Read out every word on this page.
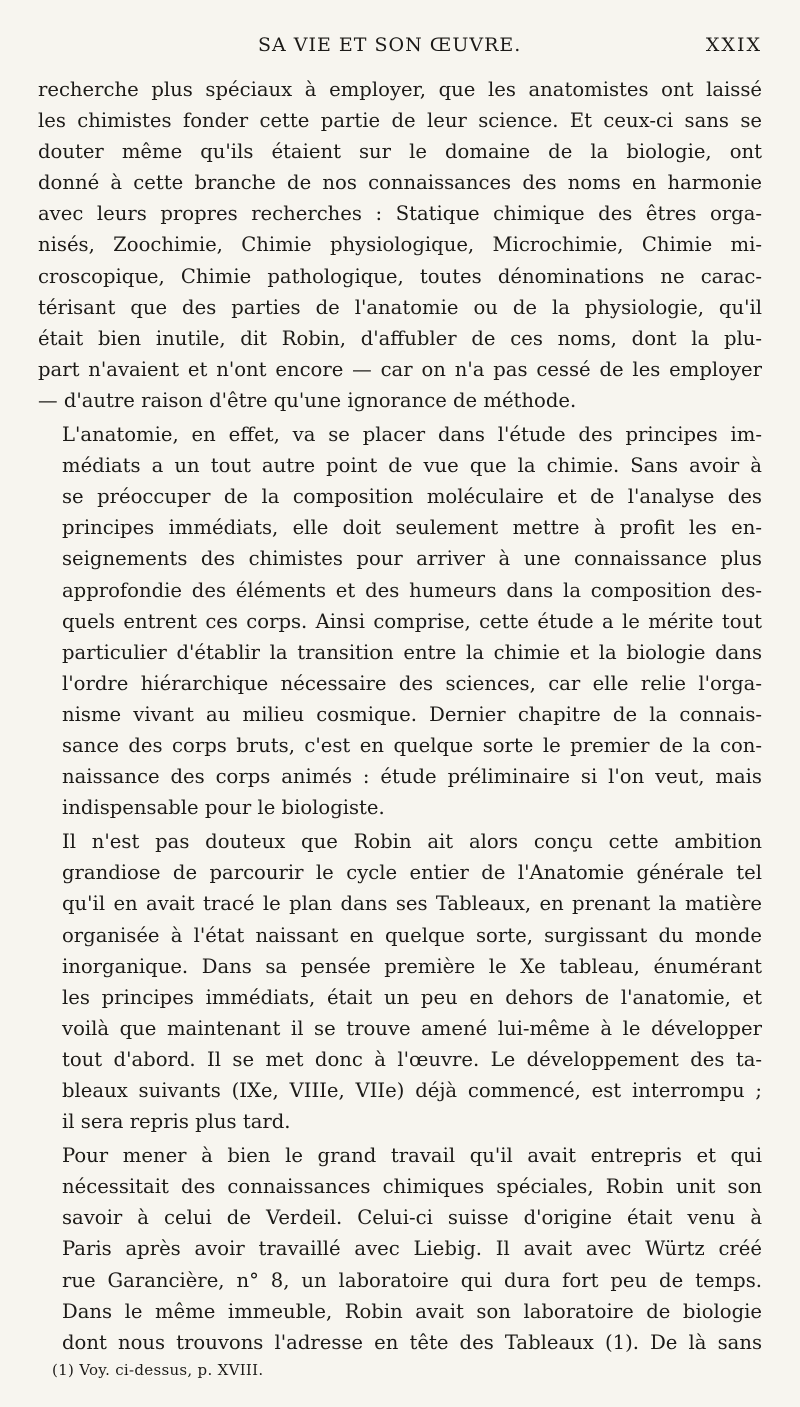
SA VIE ET SON ŒUVRE.	XXIX

recherche plus spéciaux à employer, que les anatomistes ont laissé
les chimistes fonder cette partie de leur science. Et ceux-ci sans se
douter même qu'ils étaient sur le domaine de la biologie, ont
donné à cette branche de nos connaissances des noms en harmonie
avec leurs propres recherches : Statique chimique des êtres orga-
nisés, Zoochimie, Chimie physiologique, Microchimie, Chimie mi-
croscopique, Chimie pathologique, toutes dénominations ne carac-
térisant que des parties de l'anatomie ou de la physiologie, qu'il
était bien inutile, dit Robin, d'affubler de ces noms, dont la plu-
part n'avaient et n'ont encore — car on n'a pas cessé de les employer
— d'autre raison d'être qu'une ignorance de méthode.

L'anatomie, en effet, va se placer dans l'étude des principes im-
médiats a un tout autre point de vue que la chimie. Sans avoir à
se préoccuper de la composition moléculaire et de l'analyse des
principes immédiats, elle doit seulement mettre à profit les en-
seignements des chimistes pour arriver à une connaissance plus
approfondie des éléments et des humeurs dans la composition des-
quels entrent ces corps. Ainsi comprise, cette étude a le mérite tout
particulier d'établir la transition entre la chimie et la biologie dans
l'ordre hiérarchique nécessaire des sciences, car elle relie l'orga-
nisme vivant au milieu cosmique. Dernier chapitre de la connais-
sance des corps bruts, c'est en quelque sorte le premier de la con-
naissance des corps animés : étude préliminaire si l'on veut, mais
indispensable pour le biologiste.

Il n'est pas douteux que Robin ait alors conçu cette ambition
grandiose de parcourir le cycle entier de l'Anatomie générale tel
qu'il en avait tracé le plan dans ses Tableaux, en prenant la matière
organisée à l'état naissant en quelque sorte, surgissant du monde
inorganique. Dans sa pensée première le Xe tableau, énumérant
les principes immédiats, était un peu en dehors de l'anatomie, et
voilà que maintenant il se trouve amené lui-même à le développer
tout d'abord. Il se met donc à l'œuvre. Le développement des ta-
bleaux suivants (IXe, VIIIe, VIIe) déjà commencé, est interrompu ;
il sera repris plus tard.

Pour mener à bien le grand travail qu'il avait entrepris et qui
nécessitait des connaissances chimiques spéciales, Robin unit son
savoir à celui de Verdeil. Celui-ci suisse d'origine était venu à
Paris après avoir travaillé avec Liebig. Il avait avec Würtz créé
rue Garancière, n° 8, un laboratoire qui dura fort peu de temps.
Dans le même immeuble, Robin avait son laboratoire de biologie
dont nous trouvons l'adresse en tête des Tableaux (1). De là sans

(1) Voy. ci-dessus, p. XVIII.
